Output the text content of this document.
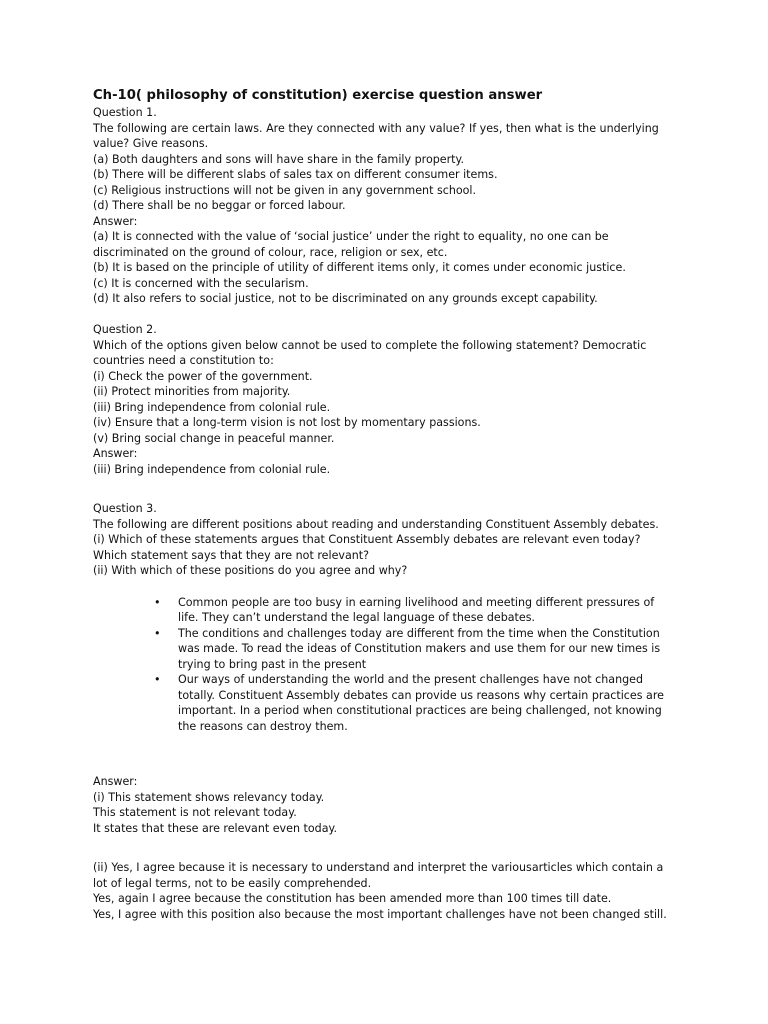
Ch-10( philosophy of constitution) exercise question answer

Question 1.

The following are certain laws. Are they connected with any value? If yes, then what is the underlying value? Give reasons.

(a) Both daughters and sons will have share in the family property.

(b) There will be different slabs of sales tax on different consumer items.

(c) Religious instructions will not be given in any government school.

(d) There shall be no beggar or forced labour.

Answer:

(a) It is connected with the value of ‘social justice’ under the right to equality, no one can be discriminated on the ground of colour, race, religion or sex, etc.

(b) It is based on the principle of utility of different items only, it comes under economic justice.

(c) It is concerned with the secularism.

(d) It also refers to social justice, not to be discriminated on any grounds except capability.

Question 2.

Which of the options given below cannot be used to complete the following statement? Democratic countries need a constitution to:

(i) Check the power of the government.

(ii) Protect minorities from majority.

(iii) Bring independence from colonial rule.

(iv) Ensure that a long-term vision is not lost by momentary passions.

(v) Bring social change in peaceful manner.

Answer:

(iii) Bring independence from colonial rule.

Question 3.

The following are different positions about reading and understanding Constituent Assembly debates.

(i) Which of these statements argues that Constituent Assembly debates are relevant even today? Which statement says that they are not relevant?

(ii) With which of these positions do you agree and why?

• Common people are too busy in earning livelihood and meeting different pressures of life. They can’t understand the legal language of these debates.
• The conditions and challenges today are different from the time when the Constitution was made. To read the ideas of Constitution makers and use them for our new times is trying to bring past in the present
• Our ways of understanding the world and the present challenges have not changed totally. Constituent Assembly debates can provide us reasons why certain practices are important. In a period when constitutional practices are being challenged, not knowing the reasons can destroy them.

Answer:

(i) This statement shows relevancy today.

This statement is not relevant today.

It states that these are relevant even today.

(ii) Yes, I agree because it is necessary to understand and interpret the variousarticles which contain a lot of legal terms, not to be easily comprehended.

Yes, again I agree because the constitution has been amended more than 100 times till date.

Yes, I agree with this position also because the most important challenges have not been changed still.
